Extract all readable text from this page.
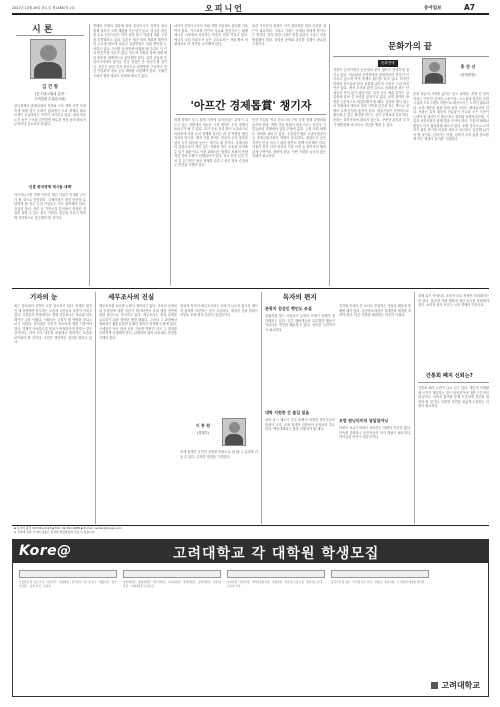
2001년 10월 26일 화요일 제14887호 (4)	오피니언	동아일보	A7
시 론
김 건 형
(전 서울시립대 총장·
무역출품 수출감시위)
한국경제의 잠재성장력 저하와 구조 개혁 지연 우려 속에 세계 경기 둔화가 겹치면서 우리 경제의 활로 모색이 시급하다는 지적이 이어지고 있다. 대외 의존도가 높은 구조를 감안하면 새로운 성장 동력 확보가 무엇보다 중요하다 하겠다.
'신흥 한국경제 재시동 대책'
아프가니스탄 전쟁 이후의 재건 사업은 막대한 규모가 될 것으로 전망된다. 국제사회가 재건 비용을 분담하게 될 경우 우리 기업들도 적극 참여해야 한다. 건설과 통신, 전력 등 기반시설 분야에서 축적된 경험을 살릴 수 있는 좋은 기회다. 정부와 기업이 협력해 전략적으로 접근해야 할 것이다.
반테러 전쟁의 결과에 따라 중앙아시아 지역의 정치 경제 질서가 크게 재편될 가능성이 높다. 미국을 비롯한 주요 선진국들은 이미 전후 복구 사업에 대한 구상을 본격화하고 있다. 일본은 재건 회의 개최를 제안하며 주도권 확보에 나섰고 유럽연합도 지원 방안을 논의하고 있다. 이러한 움직임에 비춰볼 때 우리도 더 이상 머뭇거릴 여유가 없다. 인도적 지원과 함께 경제 협력 방안을 체계적으로 준비해야 한다. 특히 중동과 중앙아시아에서 쌓아온 건설 경험은 큰 자산이 될 것이다. 정부는 관련 부처 합동으로 대책반을 구성하고 민간 기업과의 정보 공유 체계를 마련해야 한다. 국제기구와의 협력 채널도 강화할 필요가 있다.
나아가 중앙아시아의 자원 개발 사업에도 관심을 기울여야 한다. 카스피해 연안의 석유와 천연가스는 세계 에너지 시장에서 차지하는 비중이 점차 커지고 있다. 에너지 수입 의존도가 높은 우리로서는 자원 확보 차원에서도 이 지역을 주목해야 한다.
물론 아프간의 정세가 아직 불안정한 만큼 신중한 접근이 필요하다. 그러나 기회는 준비된 자에게 찾아오는 법이다. 전후 재건 시장은 선점 효과가 크다는 점을 명심해야 한다. 치밀한 준비와 과감한 실행이 필요한 시점이다.
'아프간 경제톱賞' 챙기자
세계 경제가 동시 침체 국면에 들어섰다는 분석이 나오고 있는 상황에서 새로운 시장 개척은 우리 경제의 돌파구가 될 수 있다. 과거 중동 건설 붐이 오일쇼크로 어려움에 처한 우리 경제를 살리는 데 큰 역할을 했던 것처럼 말이다. 재건 사업 참여는 단순한 수익 창출을 넘어 국가 위상을 높이는 계기도 될 것이다. 국제사회의 일원으로서 책임 있는 역할을 하는 모습을 보여줄 수 있기 때문이다. 이를 위해서는 범정부 차원의 종합적인 전략 수립이 선행되어야 한다. 외교 통상 산업 부처 간 유기적인 협조 체제를 갖추고 현지 정보 수집에도 만전을 기해야 한다.
민간 기업들 역시 컨소시엄 구성 등을 통해 경쟁력을 높여야 한다. 개별 기업 차원의 대응으로는 선진국 기업들과의 경쟁에서 밀릴 수밖에 없다. 금융 지원 체계도 정비할 필요가 있다. 수출입은행과 수출보험공사 등 정책금융기관의 역할이 중요하다. 위험도가 높은 지역인 만큼 리스크 관리 방안도 함께 마련해야 한다. 아울러 현지 인력 양성과 기술 이전 등 장기적인 협력 관계 구축에도 힘써야 한다. 이번 기회를 놓치지 않는 지혜가 필요하다.
문화가의 끝
문화면에
홍 찬 신
(문화면장)
가을이 깊어가면서 곳곳에서 문화 행사가 풍성하게 열리고 있다. 미술관과 공연장마다 관람객들의 발길이 이어지고 있으며 지역 축제도 활기를 띠고 있다. 하지만 화려한 겉모습과 달리 문화계 내부의 사정은 그리 밝지만은 않다. 예산 부족과 관객 감소로 어려움을 겪는 단체들이 적지 않기 때문이다. 특히 순수 예술 분야는 상업성에 밀려 설 자리를 잃어가고 있다. 문화 정책의 방향을 근본적으로 재검토해야 할 때다. 일회성 행사 위주의 지원에서 벗어나 창작 기반을 튼튼히 하는 쪽으로 정책의 무게 중심을 옮겨야 한다. 예술가들이 안정적으로 활동할 수 있는 환경을 만드는 것이 무엇보다 중요하다. 문화는 하루아침에 꽃피지 않는다. 꾸준한 관심과 투자가 뒷받침될 때 비로소 결실을 맺을 수 있다.
문화 향유의 기회를 넓히는 일도 과제다. 지역 간 문화 격차는 여전히 심각한 수준이다. 수도권에 집중된 문화 시설과 프로그램을 지방으로 확산시키는 노력이 필요하다. 소외 계층을 위한 문화 복지 사업도 확대되어야 한다. 문화는 특정 계층의 전유물이 아니라 모든 국민이 누려야 할 권리이기 때문이다. 정부와 지방자치단체, 기업과 시민사회가 함께 힘을 모아야 한다. 기업의 메세나 활동도 더욱 활성화될 필요가 있다. 문화 강국으로 도약하기 위한 장기적 비전을 세우고 차근차근 실천해 나가야 할 것이다. 깊어가는 가을, 문화가 우리 삶을 풍요롭게 하는 계절이 되기를 기대한다.
기자의 눈
최근 정치권의 공방이 도를 넘어서고 있다. 민생은 뒷전인 채 정쟁에만 몰두하는 모습에 국민들의 실망이 커지고 있다. 국정감사 현장에서도 정책 검증보다는 폭로와 의혹 제기가 주를 이뤘다. 이래서는 국회가 제 역할을 한다고 보기 어렵다. 정치권은 국민의 목소리에 귀를 기울여야 한다. 경제가 어려울수록 정치가 안정되어야 한다는 것은 상식이다. 여야 모두 대승적 차원에서 협력하는 모습을 보여줘야 할 것이다. 국민은 생산적인 정치를 원하고 있다.
세무조사의 진실
세무조사를 둘러싼 논란이 계속되고 있다. 조사의 공정성과 투명성에 대한 의문이 제기되면서 조세 행정 전반에 대한 불신으로 이어지고 있다. 세무조사는 성실 납세를 유도하기 위한 정당한 행정 행위다. 그러나 그 과정에서 형평성이 훼손된다면 본래의 취지가 퇴색될 수밖에 없다. 국세청은 조사 대상 선정 기준을 명확히 하고 그 결과를 투명하게 공개해야 한다. 납세자의 권익 보호에도 만전을 기해야 한다.
정치적 목적의 세무조사라는 의혹이 나오지 않도록 제도적 장치를 마련하는 것이 시급하다. 세정의 신뢰 회복이야말로 조세 정의 실현의 첫걸음이다.
이 종 원
(경제부)
조세 정책은 국민의 신뢰를 바탕으로 할 때 그 효과를 거둘 수 있다. 투명한 세정을 기대한다.
독자의 편지
관광지 검섬인 행인도 쏘설
관광지를 찾는 사람들이 늘면서 쓰레기 문제가 심각해지고 있다. 일부 행락객들의 무분별한 행동이 아름다운 자연을 훼손하고 있다. 성숙한 시민의식이 필요하다.
대학 지원한 간 즐길 일을
대학 입시 제도가 자주 바뀌어 학생과 학부모들의 혼란이 크다. 교육 정책의 일관성이 무엇보다 중요하다. 백년대계라는 말을 되새겨야 할 때다.
지하철 안에서 큰 소리로 통화하는 사람들 때문에 불쾌할 때가 많다. 공공장소에서의 휴대전화 예절을 지켜야 한다. 다른 사람을 배려하는 마음이 아쉽다.
모범 원닝리미터 넣일일마닝
어린이 보호구역에서 과속하는 차량이 여전히 많다. 단속을 강화하고 운전자들의 의식 개선이 필요하다. 아이들의 안전이 최우선이다.
간통회 폐지 신뢰는?
경제 위기 속에서도 소비자 보호 정책은 후퇴해서는 안 된다. 불공정 거래 행위에 대한 감시를 강화해야 한다. 소비자 권익 보호는 시장 경제의 기본이다.
간통죄 폐지 논란이 다시 일고 있다. 개인의 사생활에 국가가 개입하는 것이 타당한가에 대한 근본적인 물음이다. 사회적 합의를 통해 신중하게 결론을 내려야 할 것이다. 다양한 의견을 폭넓게 수렴하는 과정이 필요하다.
▪ 독자의 광장 (02)361-0123 ▪ FAX: 02-361-0988 ▪ E-mail: reader@donga.com
※ 신문에 실린 기사의 내용은 본지의 편집방침과 다를 수 있습니다.
Kore@	고려대학교 각 대학원 학생모집
모집학과 및 전공 안내 · 지원자격 · 전형방법 · 원서접수 기간 및 장소 · 제출서류 · 합격자 발표 · 등록 안내 · 문의처
일반대학원 · 경영대학원 · 법무대학원 · 교육대학원 · 정책대학원 · 공학대학원 · 언론대학원 · 국제대학원 모집요강
석사과정 · 박사과정 · 석박사통합과정 · 전형일정 · 면접 및 구술시험 · 장학제도 안내 · 기숙사 안내
원서교부 및 접수 · 인터넷 접수 안내 · 전형료 · 유의사항 · 각 대학원 행정실 연락처
고려대학교
